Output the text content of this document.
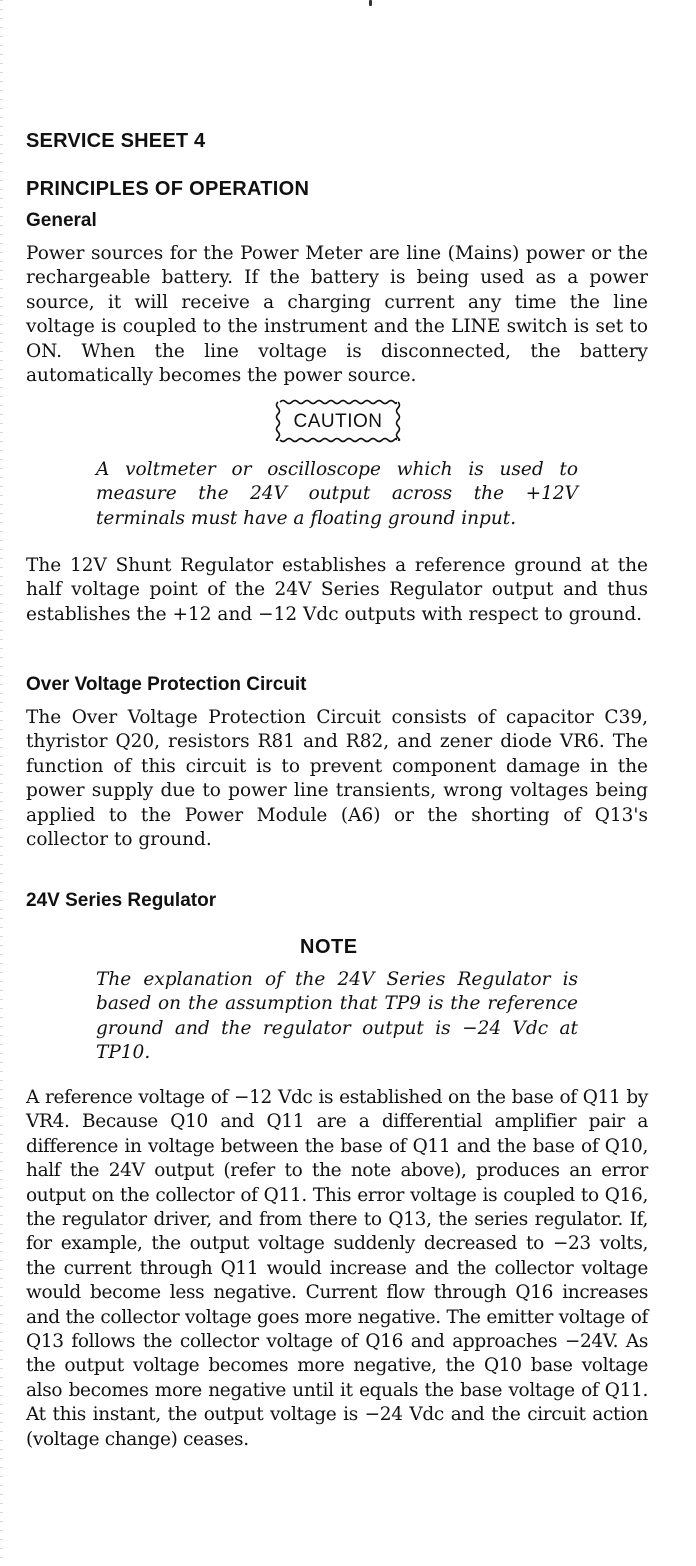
SERVICE SHEET 4
PRINCIPLES OF OPERATION
General

Power sources for the Power Meter are line (Mains) power or the rechargeable battery. If the battery is being used as a power source, it will receive a charging current any time the line voltage is coupled to the instrument and the LINE switch is set to ON. When the line voltage is disconnected, the battery automatically becomes the power source.

CAUTION

A voltmeter or oscilloscope which is used to measure the 24V output across the +12V terminals must have a floating ground input.

The 12V Shunt Regulator establishes a reference ground at the half voltage point of the 24V Series Regulator output and thus establishes the +12 and −12 Vdc outputs with respect to ground.

Over Voltage Protection Circuit

The Over Voltage Protection Circuit consists of capacitor C39, thyristor Q20, resistors R81 and R82, and zener diode VR6. The function of this circuit is to prevent component damage in the power supply due to power line transients, wrong voltages being applied to the Power Module (A6) or the shorting of Q13's collector to ground.

24V Series Regulator
NOTE

The explanation of the 24V Series Regulator is based on the assumption that TP9 is the reference ground and the regulator output is −24 Vdc at TP10.

A reference voltage of −12 Vdc is established on the base of Q11 by VR4. Because Q10 and Q11 are a differential amplifier pair a difference in voltage between the base of Q11 and the base of Q10, half the 24V output (refer to the note above), produces an error output on the collector of Q11. This error voltage is coupled to Q16, the regulator driver, and from there to Q13, the series regulator. If, for example, the output voltage suddenly decreased to −23 volts, the current through Q11 would increase and the collector voltage would become less negative. Current flow through Q16 increases and the collector voltage goes more negative. The emitter voltage of Q13 follows the collector voltage of Q16 and approaches −24V. As the output voltage becomes more negative, the Q10 base voltage also becomes more negative until it equals the base voltage of Q11. At this instant, the output voltage is −24 Vdc and the circuit action (voltage change) ceases.
